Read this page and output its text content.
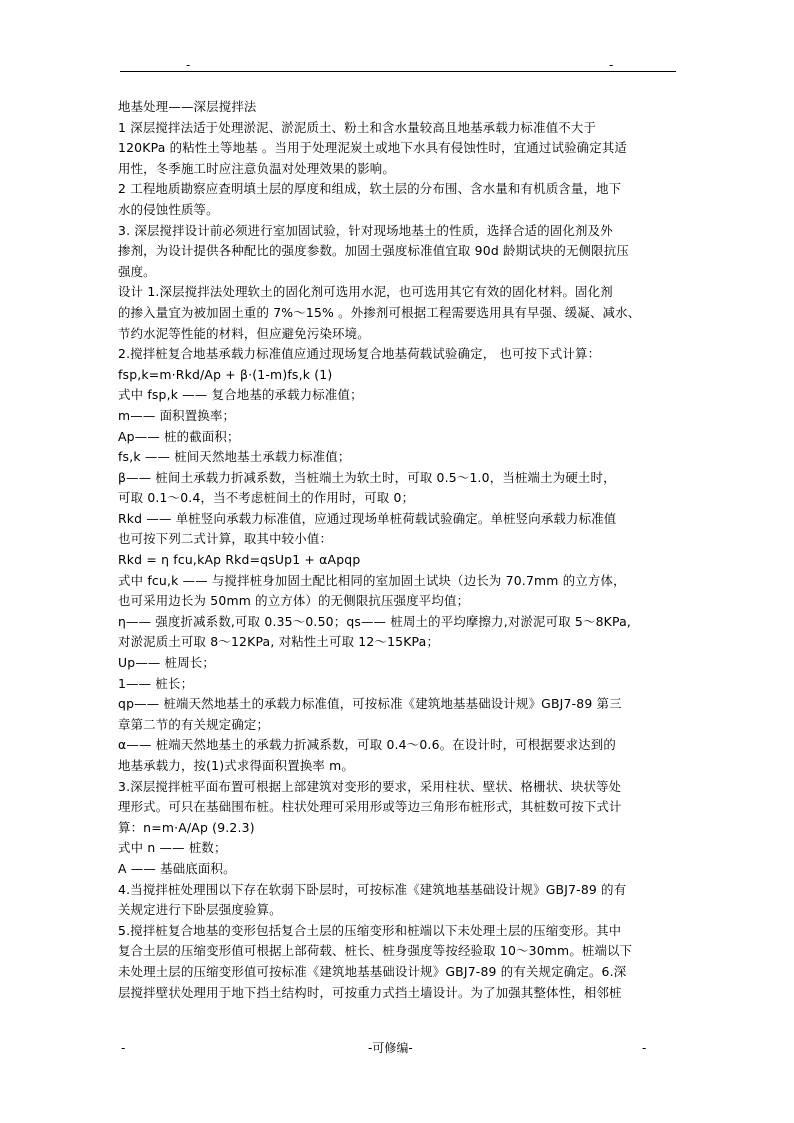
-	-
地基处理——深层搅拌法
1 深层搅拌法适于处理淤泥、淤泥质土、粉土和含水量较高且地基承载力标准值不大于
120KPa 的粘性土等地基 。当用于处理泥炭土或地下水具有侵蚀性时，宜通过试验确定其适
用性，冬季施工时应注意负温对处理效果的影响。
2 工程地质勘察应查明填土层的厚度和组成，软土层的分布围、含水量和有机质含量，地下
水的侵蚀性质等。
3. 深层搅拌设计前必须进行室加固试验，针对现场地基土的性质，选择合适的固化剂及外
掺剂，为设计提供各种配比的强度参数。加固土强度标准值宜取 90d 龄期试块的无侧限抗压
强度。
设计 1.深层搅拌法处理软土的固化剂可选用水泥，也可选用其它有效的固化材料。固化剂
的掺入量宜为被加固土重的 7%～15% 。外掺剂可根据工程需要选用具有早强、缓凝、减水、
节约水泥等性能的材料，但应避免污染环境。
2.搅拌桩复合地基承载力标准值应通过现场复合地基荷载试验确定， 也可按下式计算：
fsp,k=m·Rkd/Ap + β·(1-m)fs,k (1)
式中 fsp,k —— 复合地基的承载力标准值；
m—— 面积置换率；
Ap—— 桩的截面积；
fs,k —— 桩间天然地基土承载力标准值；
β—— 桩间土承载力折减系数，当桩端土为软土时，可取 0.5～1.0，当桩端土为硬土时，
可取 0.1～0.4，当不考虑桩间土的作用时，可取 0；
Rkd —— 单桩竖向承载力标准值，应通过现场单桩荷载试验确定。单桩竖向承载力标准值
也可按下列二式计算，取其中较小值：
Rkd = η fcu,kAp Rkd=qsUp1 + αApqp
式中 fcu,k —— 与搅拌桩身加固土配比相同的室加固土试块（边长为 70.7mm 的立方体，
也可采用边长为 50mm 的立方体）的无侧限抗压强度平均值；
η—— 强度折减系数,可取 0.35～0.50；qs—— 桩周土的平均摩擦力,对淤泥可取 5～8KPa,
对淤泥质土可取 8～12KPa, 对粘性土可取 12～15KPa；
Up—— 桩周长；
1—— 桩长；
qp—— 桩端天然地基土的承载力标准值，可按标准《建筑地基基础设计规》GBJ7-89 第三
章第二节的有关规定确定；
α—— 桩端天然地基土的承载力折减系数，可取 0.4～0.6。在设计时，可根据要求达到的
地基承载力，按(1)式求得面积置换率 m。
3.深层搅拌桩平面布置可根据上部建筑对变形的要求，采用柱状、壁状、格栅状、块状等处
理形式。可只在基础围布桩。柱状处理可采用形或等边三角形布桩形式，其桩数可按下式计
算：n=m·A/Ap (9.2.3)
式中 n —— 桩数；
A —— 基础底面积。
4.当搅拌桩处理围以下存在软弱下卧层时，可按标准《建筑地基基础设计规》GBJ7-89 的有
关规定进行下卧层强度验算。
5.搅拌桩复合地基的变形包括复合土层的压缩变形和桩端以下未处理土层的压缩变形。其中
复合土层的压缩变形值可根据上部荷载、桩长、桩身强度等按经验取 10～30mm。桩端以下
未处理土层的压缩变形值可按标准《建筑地基基础设计规》GBJ7-89 的有关规定确定。6.深
层搅拌壁状处理用于地下挡土结构时，可按重力式挡土墙设计。为了加强其整体性，相邻桩
-	-可修编-	-
